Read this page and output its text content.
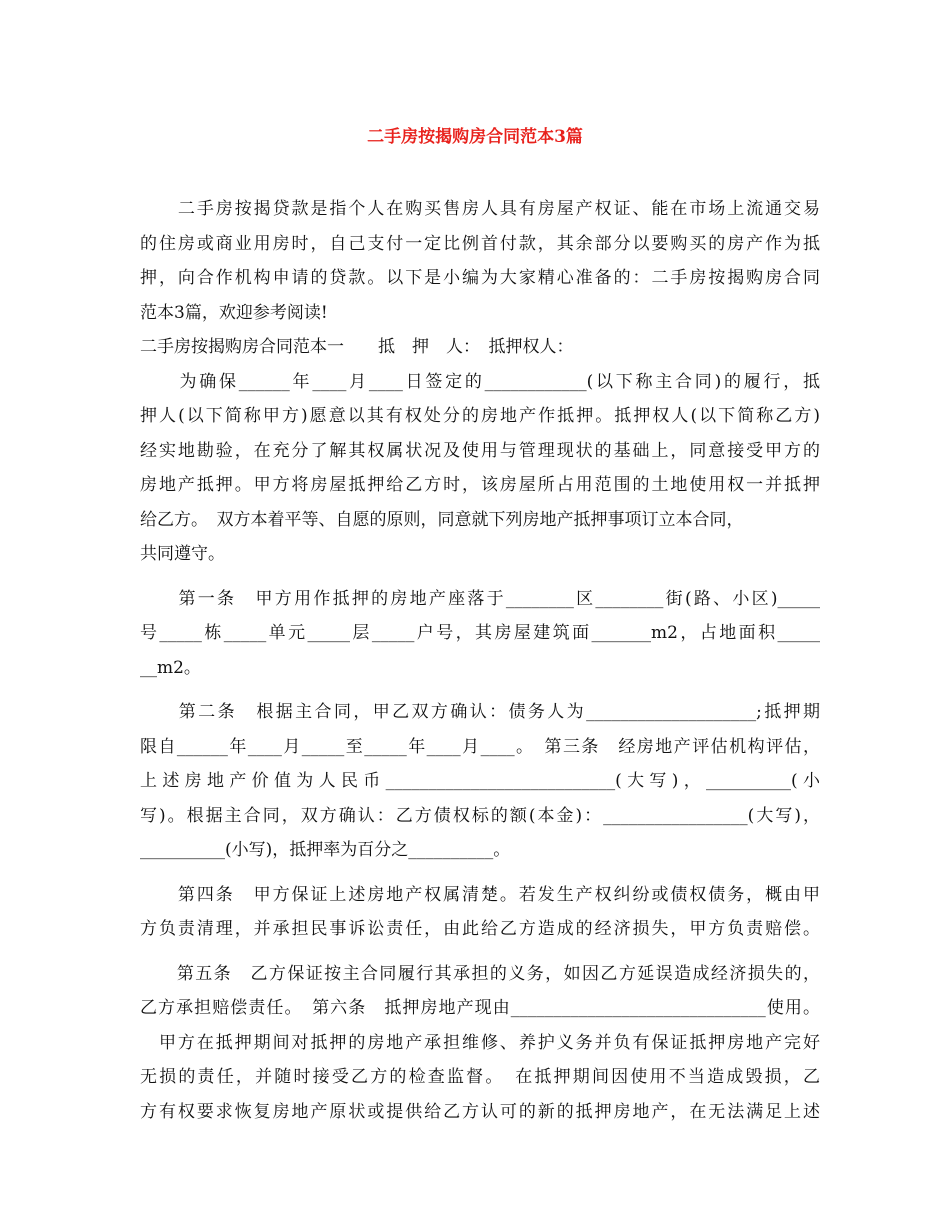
二手房按揭购房合同范本3篇
　　二手房按揭贷款是指个人在购买售房人具有房屋产权证、能在市场上流通交易
的住房或商业用房时，自己支付一定比例首付款，其余部分以要购买的房产作为抵
押，向合作机构申请的贷款。以下是小编为大家精心准备的：二手房按揭购房合同
范本3篇，欢迎参考阅读!
二手房按揭购房合同范本一　　抵　押　人：　抵押权人：
　　为确保______年____月____日签定的____________(以下称主合同)的履行，抵
押人(以下简称甲方)愿意以其有权处分的房地产作抵押。抵押权人(以下简称乙方)
经实地勘验，在充分了解其权属状况及使用与管理现状的基础上，同意接受甲方的
房地产抵押。甲方将房屋抵押给乙方时，该房屋所占用范围的土地使用权一并抵押
给乙方。　双方本着平等、自愿的原则，同意就下列房地产抵押事项订立本合同，
共同遵守。
　　第一条　甲方用作抵押的房地产座落于________区________街(路、小区)_____
号_____栋_____单元_____层_____户号，其房屋建筑面_______m2，占地面积_____
__m2。
　　第二条　根据主合同，甲乙双方确认：债务人为____________________;抵押期
限自______年____月_____至_____年____月____。　第三条　经房地产评估机构评估，
上述房地产价值为人民币___________________________(大写)，__________(小
写)。根据主合同，双方确认：乙方债权标的额(本金)：_________________(大写)，
__________(小写)，抵押率为百分之__________。
　　第四条　甲方保证上述房地产权属清楚。若发生产权纠纷或债权债务，概由甲
方负责清理，并承担民事诉讼责任，由此给乙方造成的经济损失，甲方负责赔偿。
　　第五条　乙方保证按主合同履行其承担的义务，如因乙方延误造成经济损失的，
乙方承担赔偿责任。　第六条　抵押房地产现由______________________________使用。
　甲方在抵押期间对抵押的房地产承担维修、养护义务并负有保证抵押房地产完好
无损的责任，并随时接受乙方的检查监督。　在抵押期间因使用不当造成毁损，乙
方有权要求恢复房地产原状或提供给乙方认可的新的抵押房地产，在无法满足上述
